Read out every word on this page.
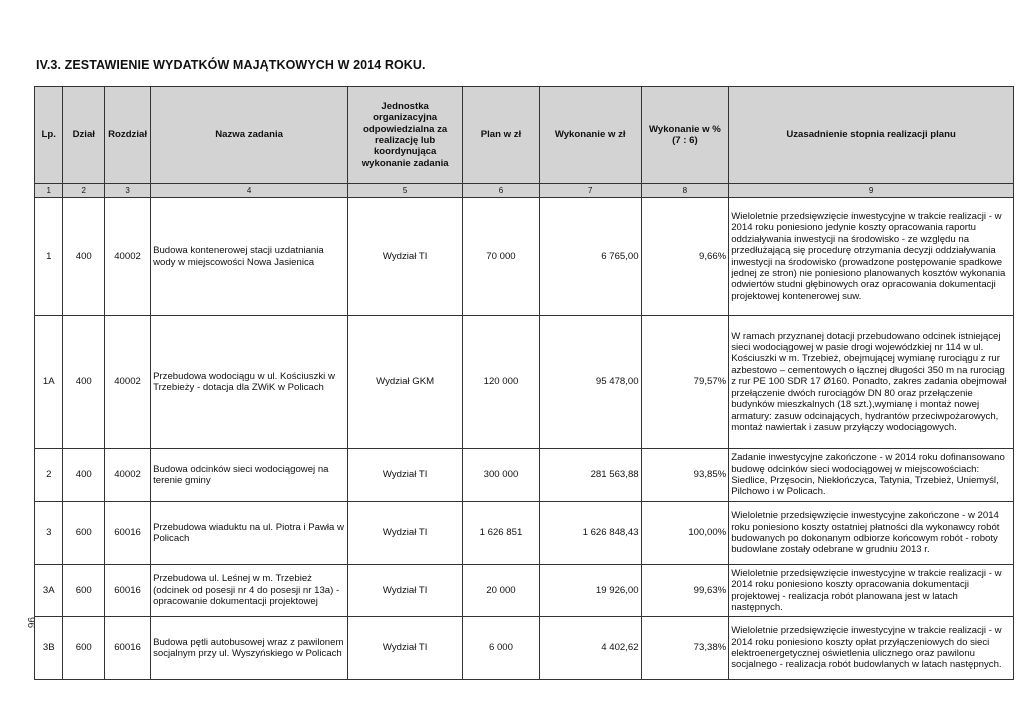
IV.3. ZESTAWIENIE WYDATKÓW MAJĄTKOWYCH W 2014 ROKU.
Lp.	Dział	Rozdział	Nazwa zadania	Jednostka organizacyjna odpowiedzialna za realizację lub koordynująca wykonanie zadania	Plan w zł	Wykonanie w zł	Wykonanie w % (7 : 6)	Uzasadnienie stopnia realizacji planu
1	2	3	4	5	6	7	8	9
1	400	40002	Budowa kontenerowej stacji uzdatniania wody w miejscowości Nowa Jasienica	Wydział TI	70 000	6 765,00	9,66%	Wieloletnie przedsięwzięcie inwestycyjne w trakcie realizacji - w 2014 roku poniesiono jedynie koszty opracowania raportu oddziaływania inwestycji na środowisko - ze względu na przedłużającą się procedurę otrzymania decyzji oddziaływania inwestycji na środowisko (prowadzone postępowanie spadkowe jednej ze stron) nie poniesiono planowanych kosztów wykonania odwiertów studni głębinowych oraz opracowania dokumentacji projektowej kontenerowej suw.
1A	400	40002	Przebudowa wodociągu w ul. Kościuszki w Trzebieży - dotacja dla ZWiK w Policach	Wydział GKM	120 000	95 478,00	79,57%	W ramach przyznanej dotacji przebudowano odcinek istniejącej sieci wodociągowej w pasie drogi wojewódzkiej nr 114 w ul. Kościuszki w m. Trzebież, obejmującej wymianę rurociągu z rur azbestowo – cementowych o łącznej długości 350 m na rurociąg z rur PE 100 SDR 17 Ø160. Ponadto, zakres zadania obejmował przełączenie dwóch rurociągów DN 80 oraz przełączenie budynków mieszkalnych (18 szt.),wymianę i montaż nowej armatury: zasuw odcinających, hydrantów przeciwpożarowych, montaż nawiertak i zasuw przyłączy wodociągowych.
2	400	40002	Budowa odcinków sieci wodociągowej na terenie gminy	Wydział TI	300 000	281 563,88	93,85%	Zadanie inwestycyjne zakończone - w 2014 roku dofinansowano budowę odcinków sieci wodociągowej w miejscowościach: Siedlice, Przęsocin, Niekłończyca, Tatynia, Trzebież, Uniemyśl, Pilchowo i w Policach.
3	600	60016	Przebudowa wiaduktu na ul. Piotra i Pawła w Policach	Wydział TI	1 626 851	1 626 848,43	100,00%	Wieloletnie przedsięwzięcie inwestycyjne zakończone - w 2014 roku poniesiono koszty ostatniej płatności dla wykonawcy robót budowanych po dokonanym odbiorze końcowym robót - roboty budowlane zostały odebrane w grudniu 2013 r.
3A	600	60016	Przebudowa ul. Leśnej w m. Trzebież (odcinek od posesji nr 4 do posesji nr 13a) - opracowanie dokumentacji projektowej	Wydział TI	20 000	19 926,00	99,63%	Wieloletnie przedsięwzięcie inwestycyjne w trakcie realizacji - w 2014 roku poniesiono koszty opracowania dokumentacji projektowej - realizacja robót planowana jest w latach następnych.
3B	600	60016	Budowa pętli autobusowej wraz z pawilonem socjalnym przy ul. Wyszyńskiego w Policach	Wydział TI	6 000	4 402,62	73,38%	Wieloletnie przedsięwzięcie inwestycyjne w trakcie realizacji - w 2014 roku poniesiono koszty opłat przyłączeniowych do sieci elektroenergetycznej oświetlenia ulicznego oraz pawilonu socjalnego - realizacja robót budowlanych w latach następnych.
96
